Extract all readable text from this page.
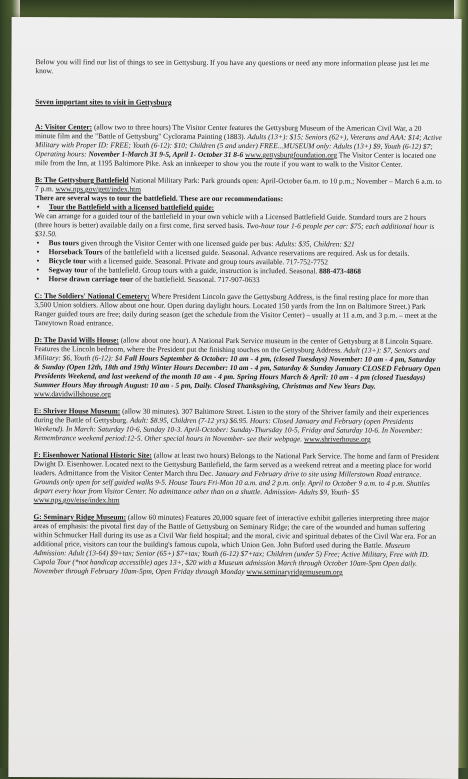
Below you will find our list of things to see in Gettysburg. If you have any questions or need any more information please just let me know.

Seven important sites to visit in Gettysburg

A: Visitor Center: (allow two to three hours) The Visitor Center features the Gettysburg Museum of the American Civil War, a 20 minute film and the "Battle of Gettysburg" Cyclorama Painting (1883). Adults (13+): $15; Seniors (62+), Veterans and AAA: $14; Active Military with Proper ID: FREE; Youth (6-12): $10; Children (5 and under) FREE...MUSEUM only: Adults (13+) $9, Youth (6-12) $7; Operating hours: November 1-March 31 9-5, April 1- October 31 8-6 www.gettysburgfoundation.org The Visitor Center is located one mile from the Inn, at 1195 Baltimore Pike. Ask an innkeeper to show you the route if you want to walk to the Visitor Center.

B: The Gettysburg Battlefield National Military Park: Park grounds open: April-October 6a.m. to 10 p.m.; November – March 6 a.m. to 7 p.m. www.nps.gov/gett/index.htm

There are several ways to tour the battlefield. These are our recommendations:

• Tour the Battlefield with a licensed battlefield guide:

We can arrange for a guided tour of the battlefield in your own vehicle with a Licensed Battlefield Guide. Standard tours are 2 hours (three hours is better) available daily on a first come, first served basis. Two-hour tour 1-6 people per car: $75; each additional hour is $31.50.

• Bus tours given through the Visitor Center with one licensed guide per bus: Adults: $35, Children: $21
• Horseback Tours of the battlefield with a licensed guide. Seasonal. Advance reservations are required. Ask us for details.
• Bicycle tour with a licensed guide. Seasonal. Private and group tours available. 717-752-7752
• Segway tour of the battlefield. Group tours with a guide, instruction is included. Seasonal. 888-473-4868
• Horse drawn carriage tour of the battlefield. Seasonal. 717-907-0633

C: The Soldiers' National Cemetery: Where President Lincoln gave the Gettysburg Address, is the final resting place for more than 3,500 Union soldiers. Allow about one hour. Open during daylight hours. Located 150 yards from the Inn on Baltimore Street.) Park Ranger guided tours are free; daily during season (get the schedule from the Visitor Center) – usually at 11 a.m, and 3 p.m. – meet at the Taneytown Road entrance.

D: The David Wills House: (allow about one hour). A National Park Service museum in the center of Gettysburg at 8 Lincoln Square. Features the Lincoln bedroom, where the President put the finishing touches on the Gettysburg Address. Adult (13+): $7, Seniors and Military: $6, Youth (6-12): $4 Fall Hours September & October: 10 am - 4 pm, (closed Tuesdays) November: 10 am - 4 pm, Saturday & Sunday (Open 12th, 18th and 19th) Winter Hours December: 10 am - 4 pm, Saturday & Sunday January CLOSED February Open Presidents Weekend, and last weekend of the month 10 am - 4 pm. Spring Hours March & April: 10 am - 4 pm (closed Tuesdays) Summer Hours May through August: 10 am - 5 pm, Daily. Closed Thanksgiving, Christmas and New Years Day. www.davidwillshouse.org

E: Shriver House Museum: (allow 30 minutes). 307 Baltimore Street. Listen to the story of the Shriver family and their experiences during the Battle of Gettysburg. Adult: $8.95, Children (7-12 yrs) $6.95. Hours: Closed January and February (open Presidents Weekend). In March: Saturday 10-6, Sunday 10-3. April-October: Sunday-Thursday 10-5, Friday and Saturday 10-6. In November: Remembrance weekend period:12-5. Other special hours in November- see their webpage. www.shriverhouse.org

F: Eisenhower National Historic Site: (allow at least two hours) Belongs to the National Park Service. The home and farm of President Dwight D. Eisenhower. Located next to the Gettysburg Battlefield, the farm served as a weekend retreat and a meeting place for world leaders. Admittance from the Visitor Center March thru Dec. January and February drive to site using Millerstown Road entrance. Grounds only open for self guided walks 9-5. House Tours Fri-Mon 10 a.m. and 2 p.m. only. April to October 9 a.m. to 4 p.m. Shuttles depart every hour from Visitor Center. No admittance other than on a shuttle. Admission- Adults $9, Youth- $5 www.nps.gov/eise/index.htm

G: Seminary Ridge Museum: (allow 60 minutes) Features 20,000 square feet of interactive exhibit galleries interpreting three major areas of emphasis: the pivotal first day of the Battle of Gettysburg on Seminary Ridge; the care of the wounded and human suffering within Schmucker Hall during its use as a Civil War field hospital; and the moral, civic and spiritual debates of the Civil War era. For an additional price, visitors can tour the building's famous cupola, which Union Gen. John Buford used during the Battle. Museum Admission: Adult (13-64) $9+tax; Senior (65+) $7+tax; Youth (6-12) $7+tax; Children (under 5) Free; Active Military, Free with ID. Cupola Tour (*not handicap accessible) ages 13+, $20 with a Museum admission March through October 10am-5pm Open daily. November through February 10am-5pm, Open Friday through Monday www.seminaryridgemuseum.org
